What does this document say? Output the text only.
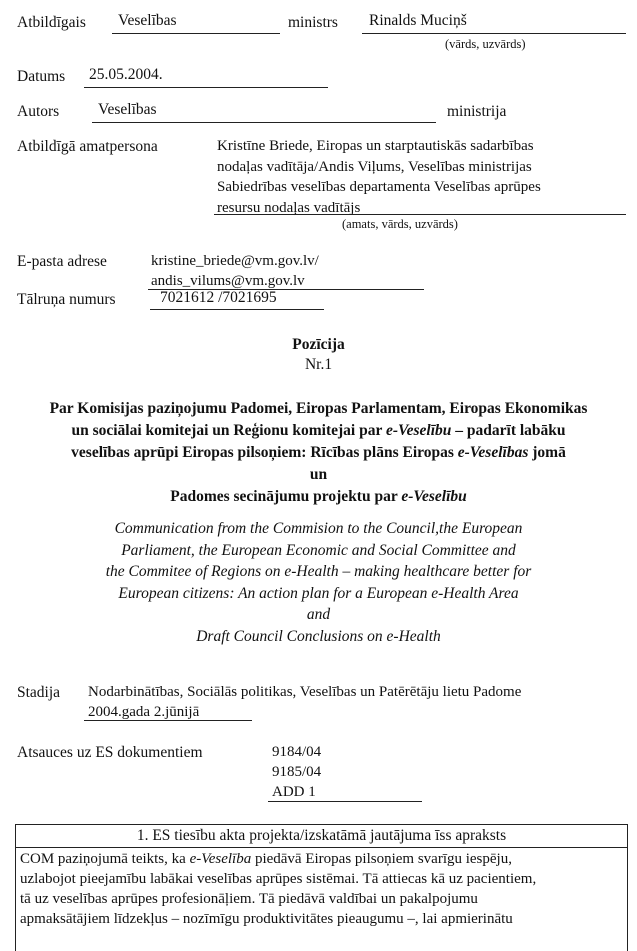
Atbildīgais Veselības	ministrs Rinalds Muciņš
(vārds, uzvārds)
Datums 25.05.2004.
Autors	Veselības	ministrija
Atbildīgā amatpersona	Kristīne Briede, Eiropas un starptautiskās sadarbības
nodaļas vadītāja/Andis Viļums, Veselības ministrijas
Sabiedrības veselības departamenta Veselības aprūpes
resursu nodaļas vadītājs
(amats, vārds, uzvārds)
E-pasta adrese	kristine_briede@vm.gov.lv/
andis_vilums@vm.gov.lv
Tālruņa numurs	7021612 /7021695
Pozīcija
Nr.1
Par Komisijas paziņojumu Padomei, Eiropas Parlamentam, Eiropas Ekonomikas
un sociālai komitejai un Reģionu komitejai par e-Veselību – padarīt labāku
veselības aprūpi Eiropas pilsoņiem: Rīcības plāns Eiropas e-Veselības jomā
un
Padomes secinājumu projektu par e-Veselību
Communication from the Commision to the Council,the European
Parliament, the European Economic and Social Committee and
the Commitee of Regions on e-Health – making healthcare better for
European citizens: An action plan for a European e-Health Area
and
Draft Council Conclusions on e-Health
Stadija Nodarbinātības, Sociālās politikas, Veselības un Patērētāju lietu Padome
2004.gada 2.jūnijā
Atsauces uz ES dokumentiem	9184/04
9185/04
ADD 1
1. ES tiesību akta projekta/izskatāmā jautājuma īss apraksts
COM paziņojumā teikts, ka e-Veselība piedāvā Eiropas pilsoņiem svarīgu iespēju,
uzlabojot pieejamību labākai veselības aprūpes sistēmai. Tā attiecas kā uz pacientiem,
tā uz veselības aprūpes profesionāļiem. Tā piedāvā valdībai un pakalpojumu
apmaksātājiem līdzekļus – nozīmīgu produktivitātes pieaugumu –, lai apmierinātu
